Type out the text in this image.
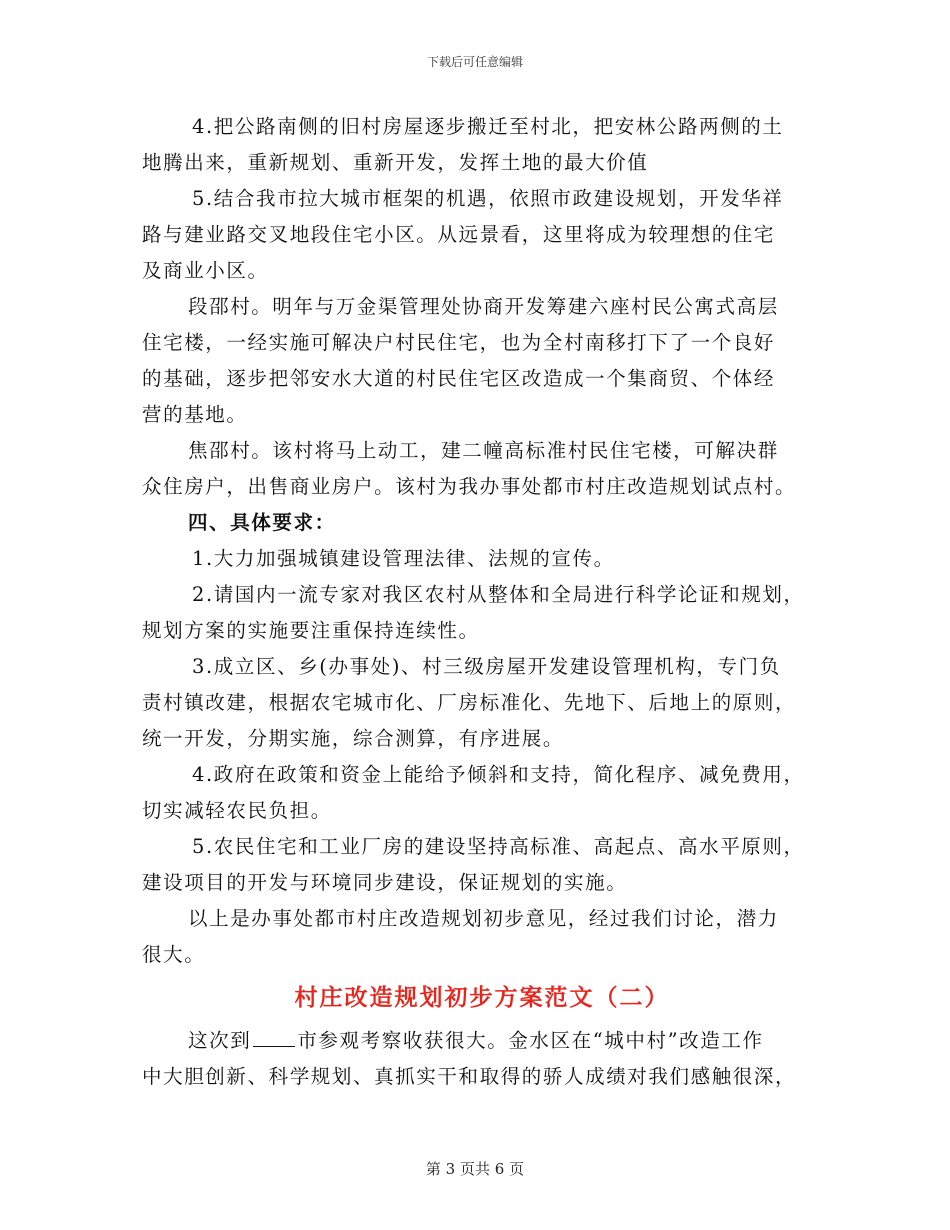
下载后可任意编辑
4.把公路南侧的旧村房屋逐步搬迁至村北，把安林公路两侧的土
地腾出来，重新规划、重新开发，发挥土地的最大价值
5.结合我市拉大城市框架的机遇，依照市政建设规划，开发华祥
路与建业路交叉地段住宅小区。从远景看，这里将成为较理想的住宅
及商业小区。
段邵村。明年与万金渠管理处协商开发筹建六座村民公寓式高层
住宅楼，一经实施可解决户村民住宅，也为全村南移打下了一个良好
的基础，逐步把邻安水大道的村民住宅区改造成一个集商贸、个体经
营的基地。
焦邵村。该村将马上动工，建二幢高标准村民住宅楼，可解决群
众住房户，出售商业房户。该村为我办事处都市村庄改造规划试点村。
四、具体要求：
1.大力加强城镇建设管理法律、法规的宣传。
2.请国内一流专家对我区农村从整体和全局进行科学论证和规划，
规划方案的实施要注重保持连续性。
3.成立区、乡(办事处)、村三级房屋开发建设管理机构，专门负
责村镇改建，根据农宅城市化、厂房标准化、先地下、后地上的原则，
统一开发，分期实施，综合测算，有序进展。
4.政府在政策和资金上能给予倾斜和支持，简化程序、减免费用，
切实减轻农民负担。
5.农民住宅和工业厂房的建设坚持高标准、高起点、高水平原则，
建设项目的开发与环境同步建设，保证规划的实施。
以上是办事处都市村庄改造规划初步意见，经过我们讨论，潜力
很大。
村庄改造规划初步方案范文（二）
这次到 市参观考察收获很大。金水区在“城中村”改造工作
中大胆创新、科学规划、真抓实干和取得的骄人成绩对我们感触很深，
第 3 页共 6 页
